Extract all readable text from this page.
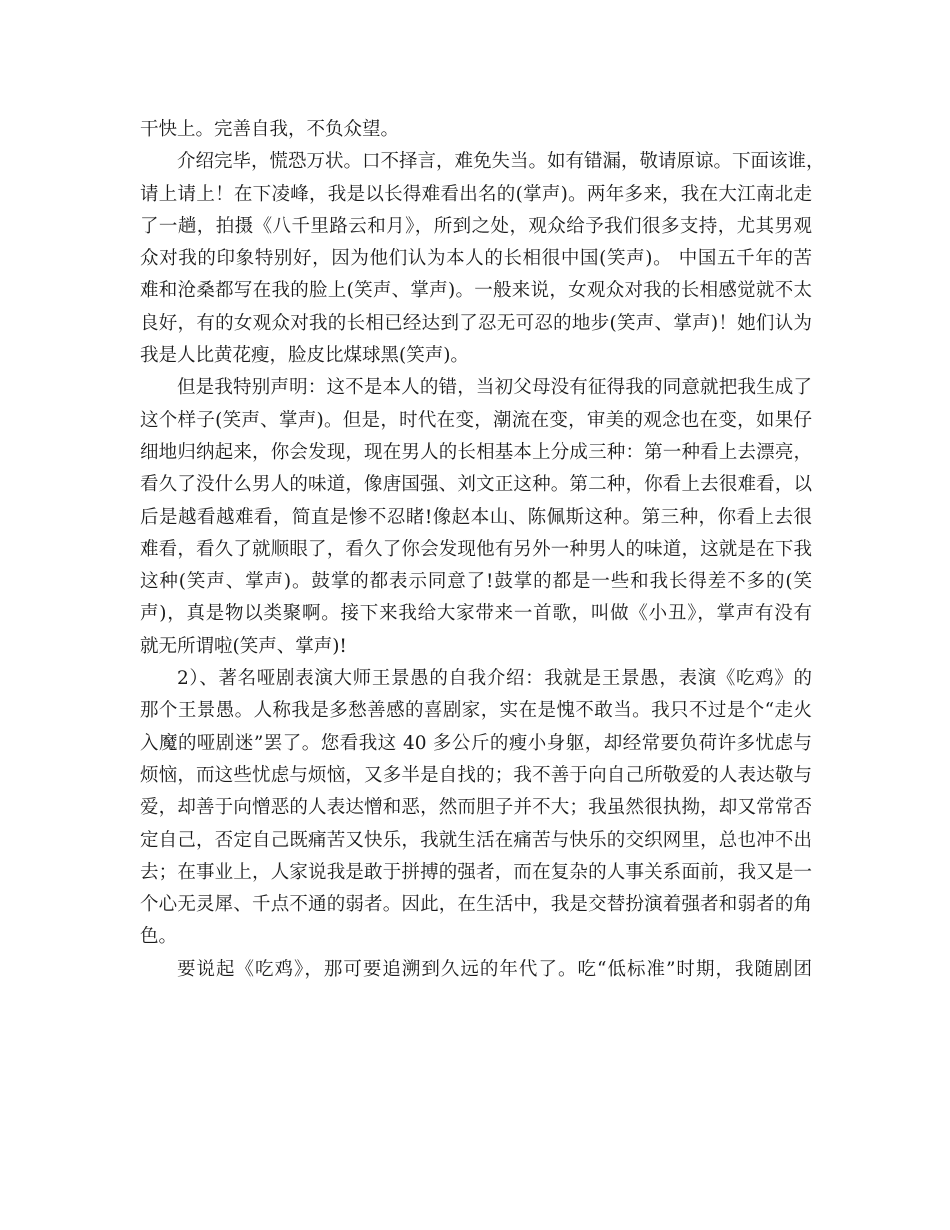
干快上。完善自我，不负众望。
介绍完毕，慌恐万状。口不择言，难免失当。如有错漏，敬请原谅。下面该谁，
请上请上！在下凌峰，我是以长得难看出名的(掌声)。两年多来，我在大江南北走
了一趟，拍摄《八千里路云和月》，所到之处，观众给予我们很多支持，尤其男观
众对我的印象特别好，因为他们认为本人的长相很中国(笑声)。 中国五千年的苦
难和沧桑都写在我的脸上(笑声、掌声)。一般来说，女观众对我的长相感觉就不太
良好，有的女观众对我的长相已经达到了忍无可忍的地步(笑声、掌声)！她们认为
我是人比黄花瘦，脸皮比煤球黑(笑声)。
但是我特别声明：这不是本人的错，当初父母没有征得我的同意就把我生成了
这个样子(笑声、掌声)。但是，时代在变，潮流在变，审美的观念也在变，如果仔
细地归纳起来，你会发现，现在男人的长相基本上分成三种：第一种看上去漂亮，
看久了没什么男人的味道，像唐国强、刘文正这种。第二种，你看上去很难看，以
后是越看越难看，简直是惨不忍睹!像赵本山、陈佩斯这种。第三种，你看上去很
难看，看久了就顺眼了，看久了你会发现他有另外一种男人的味道，这就是在下我
这种(笑声、掌声)。鼓掌的都表示同意了!鼓掌的都是一些和我长得差不多的(笑
声)，真是物以类聚啊。接下来我给大家带来一首歌，叫做《小丑》，掌声有没有
就无所谓啦(笑声、掌声)!
2）、著名哑剧表演大师王景愚的自我介绍：我就是王景愚，表演《吃鸡》的
那个王景愚。人称我是多愁善感的喜剧家，实在是愧不敢当。我只不过是个“走火
入魔的哑剧迷”罢了。您看我这 40 多公斤的瘦小身躯，却经常要负荷许多忧虑与
烦恼，而这些忧虑与烦恼，又多半是自找的；我不善于向自己所敬爱的人表达敬与
爱，却善于向憎恶的人表达憎和恶，然而胆子并不大；我虽然很执拗，却又常常否
定自己，否定自己既痛苦又快乐，我就生活在痛苦与快乐的交织网里，总也冲不出
去；在事业上，人家说我是敢于拼搏的强者，而在复杂的人事关系面前，我又是一
个心无灵犀、千点不通的弱者。因此，在生活中，我是交替扮演着强者和弱者的角
色。
要说起《吃鸡》，那可要追溯到久远的年代了。吃“低标准”时期，我随剧团
